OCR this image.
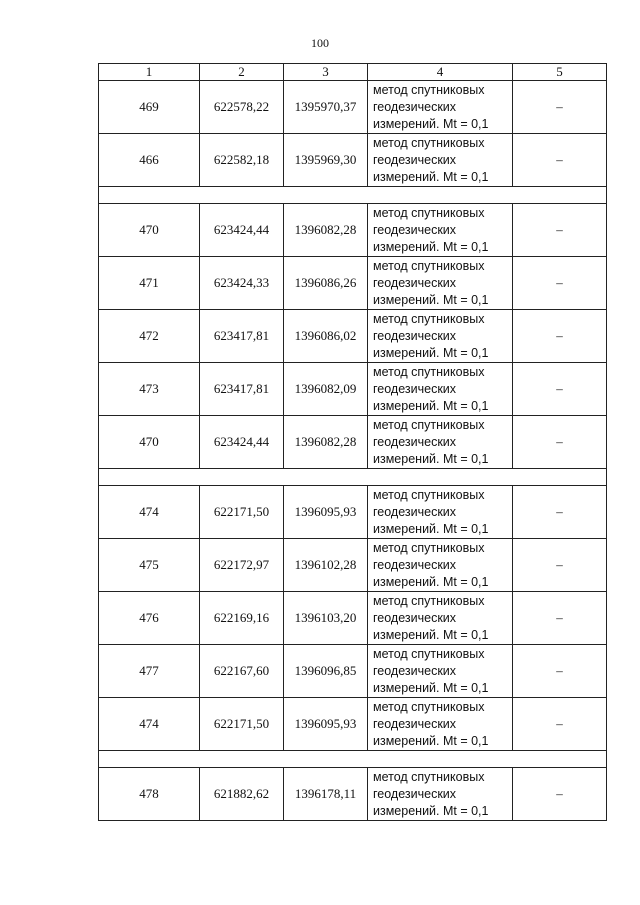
100
1	2	3	4	5
469	622578,22	1395970,37	метод спутниковых
геодезических
измерений. Mt = 0,1	–
466	622582,18	1395969,30	метод спутниковых
геодезических
измерений. Mt = 0,1	–

470	623424,44	1396082,28	метод спутниковых
геодезических
измерений. Mt = 0,1	–
471	623424,33	1396086,26	метод спутниковых
геодезических
измерений. Mt = 0,1	–
472	623417,81	1396086,02	метод спутниковых
геодезических
измерений. Mt = 0,1	–
473	623417,81	1396082,09	метод спутниковых
геодезических
измерений. Mt = 0,1	–
470	623424,44	1396082,28	метод спутниковых
геодезических
измерений. Mt = 0,1	–

474	622171,50	1396095,93	метод спутниковых
геодезических
измерений. Mt = 0,1	–
475	622172,97	1396102,28	метод спутниковых
геодезических
измерений. Mt = 0,1	–
476	622169,16	1396103,20	метод спутниковых
геодезических
измерений. Mt = 0,1	–
477	622167,60	1396096,85	метод спутниковых
геодезических
измерений. Mt = 0,1	–
474	622171,50	1396095,93	метод спутниковых
геодезических
измерений. Mt = 0,1	–

478	621882,62	1396178,11	метод спутниковых
геодезических
измерений. Mt = 0,1	–
